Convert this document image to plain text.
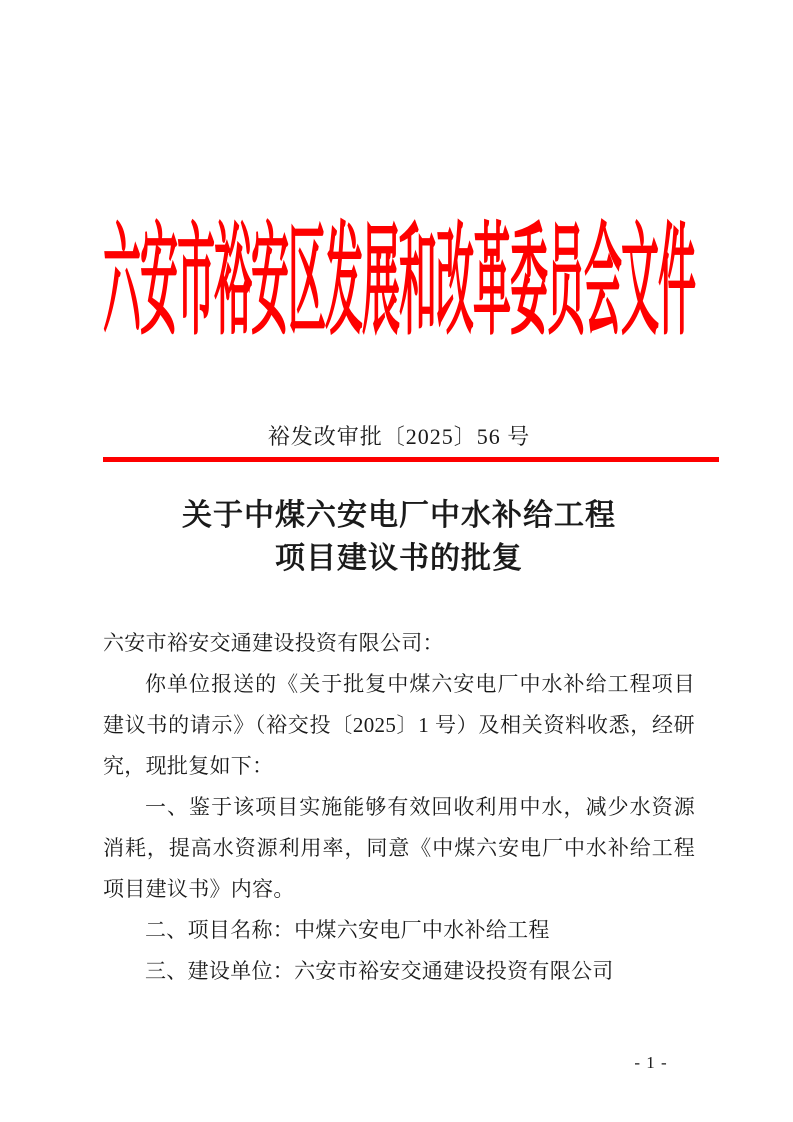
六安市裕安区发展和改革委员会文件
裕发改审批〔2025〕56 号
关于中煤六安电厂中水补给工程
项目建议书的批复
六安市裕安交通建设投资有限公司：
你单位报送的《关于批复中煤六安电厂中水补给工程项目
建议书的请示》（裕交投〔2025〕1 号）及相关资料收悉，经研
究，现批复如下：
一、鉴于该项目实施能够有效回收利用中水，减少水资源
消耗，提高水资源利用率，同意《中煤六安电厂中水补给工程
项目建议书》内容。
二、项目名称：中煤六安电厂中水补给工程
三、建设单位：六安市裕安交通建设投资有限公司
- 1 -
